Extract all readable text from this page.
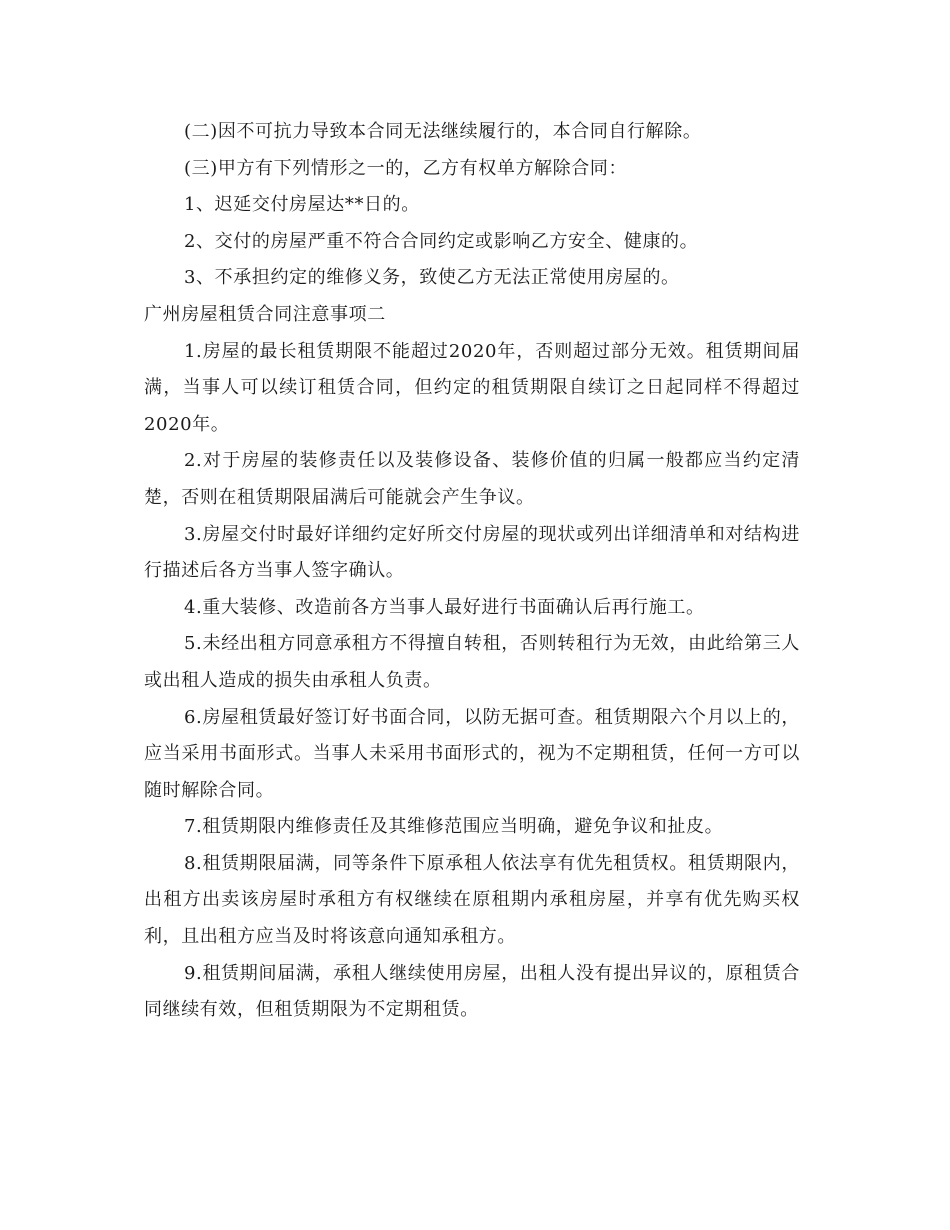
(二)因不可抗力导致本合同无法继续履行的，本合同自行解除。

(三)甲方有下列情形之一的，乙方有权单方解除合同：

1、迟延交付房屋达**日的。

2、交付的房屋严重不符合合同约定或影响乙方安全、健康的。

3、不承担约定的维修义务，致使乙方无法正常使用房屋的。

广州房屋租赁合同注意事项二

1.房屋的最长租赁期限不能超过2020年，否则超过部分无效。租赁期间届满，当事人可以续订租赁合同，但约定的租赁期限自续订之日起同样不得超过2020年。

2.对于房屋的装修责任以及装修设备、装修价值的归属一般都应当约定清楚，否则在租赁期限届满后可能就会产生争议。

3.房屋交付时最好详细约定好所交付房屋的现状或列出详细清单和对结构进行描述后各方当事人签字确认。

4.重大装修、改造前各方当事人最好进行书面确认后再行施工。

5.未经出租方同意承租方不得擅自转租，否则转租行为无效，由此给第三人或出租人造成的损失由承租人负责。

6.房屋租赁最好签订好书面合同，以防无据可查。租赁期限六个月以上的，应当采用书面形式。当事人未采用书面形式的，视为不定期租赁，任何一方可以随时解除合同。

7.租赁期限内维修责任及其维修范围应当明确，避免争议和扯皮。

8.租赁期限届满，同等条件下原承租人依法享有优先租赁权。租赁期限内，出租方出卖该房屋时承租方有权继续在原租期内承租房屋，并享有优先购买权利，且出租方应当及时将该意向通知承租方。

9.租赁期间届满，承租人继续使用房屋，出租人没有提出异议的，原租赁合同继续有效，但租赁期限为不定期租赁。
